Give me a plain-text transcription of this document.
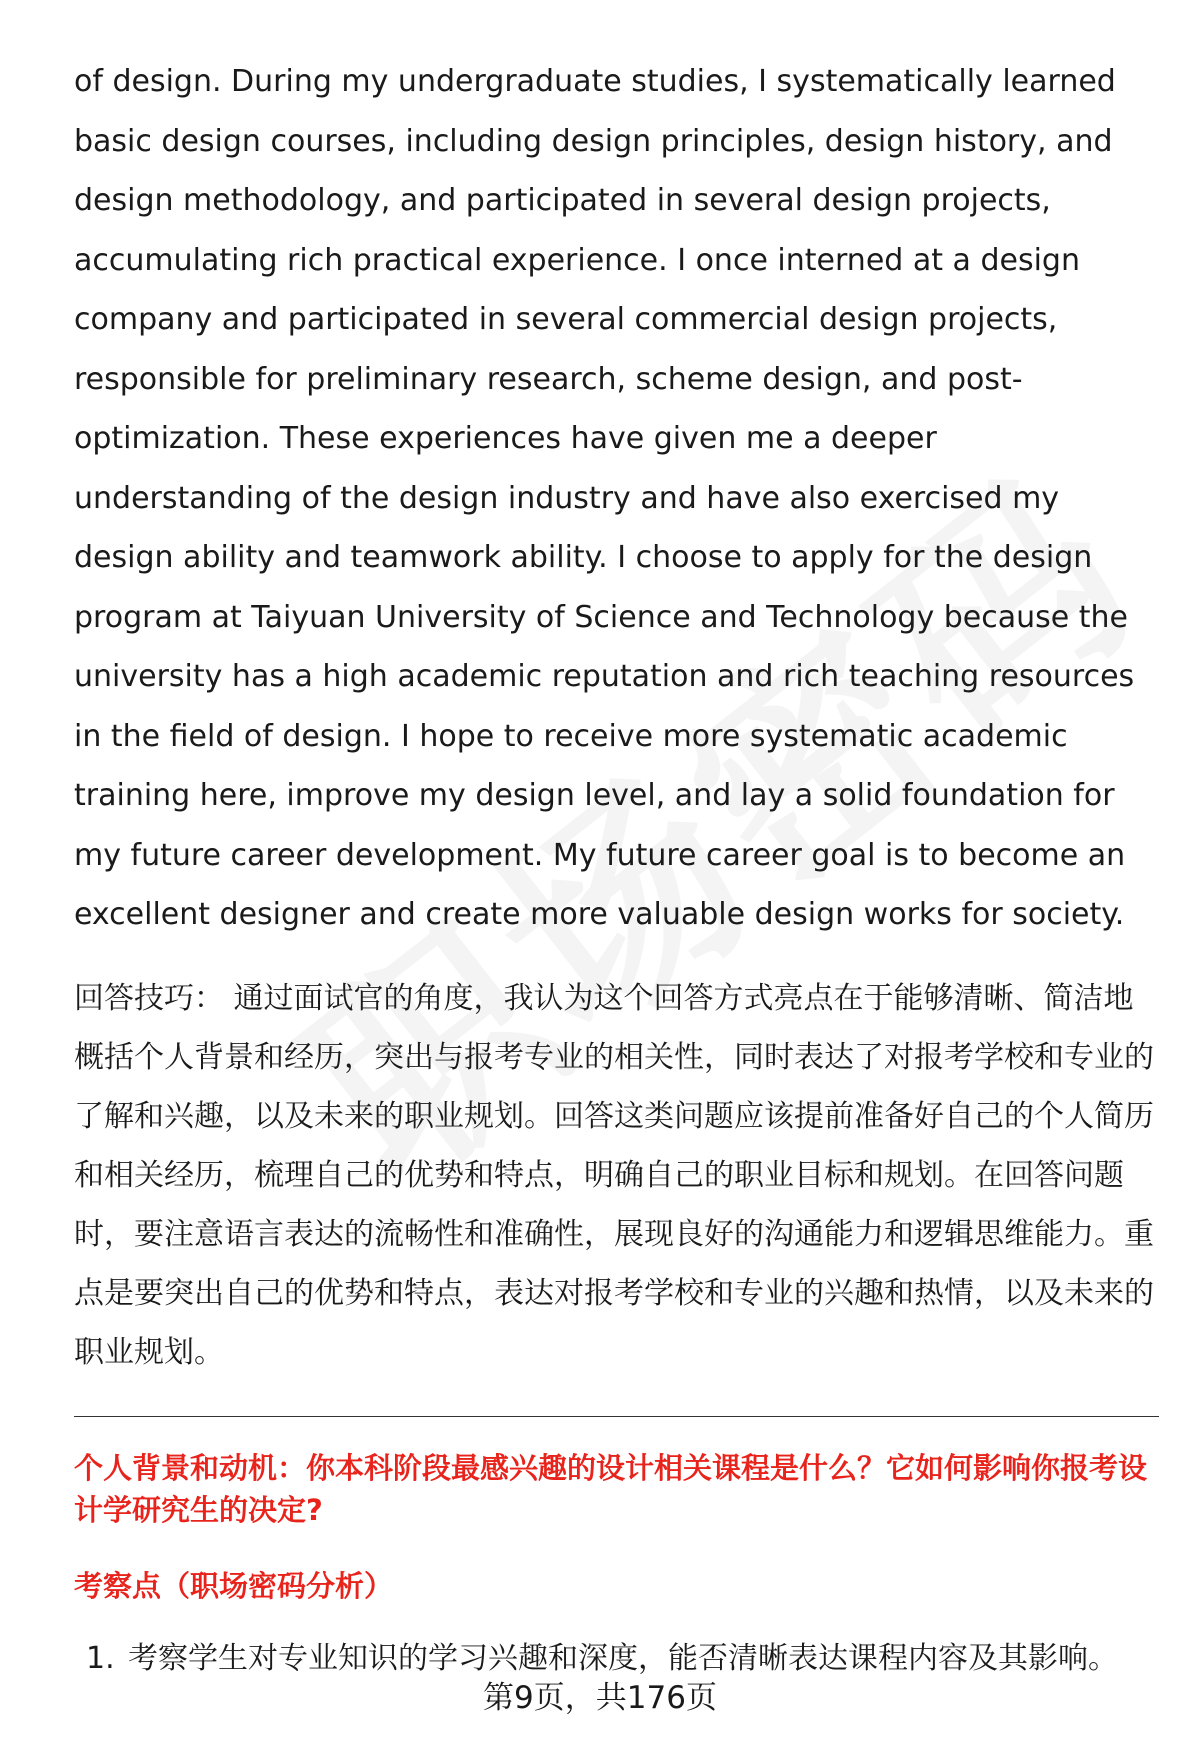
of design. During my undergraduate studies, I systematically learned basic design courses, including design principles, design history, and design methodology, and participated in several design projects, accumulating rich practical experience. I once interned at a design company and participated in several commercial design projects, responsible for preliminary research, scheme design, and post-optimization. These experiences have given me a deeper understanding of the design industry and have also exercised my design ability and teamwork ability. I choose to apply for the design program at Taiyuan University of Science and Technology because the university has a high academic reputation and rich teaching resources in the field of design. I hope to receive more systematic academic training here, improve my design level, and lay a solid foundation for my future career development. My future career goal is to become an excellent designer and create more valuable design works for society.

回答技巧： 通过面试官的角度，我认为这个回答方式亮点在于能够清晰、简洁地概括个人背景和经历，突出与报考专业的相关性，同时表达了对报考学校和专业的了解和兴趣，以及未来的职业规划。回答这类问题应该提前准备好自己的个人简历和相关经历，梳理自己的优势和特点，明确自己的职业目标和规划。在回答问题时，要注意语言表达的流畅性和准确性，展现良好的沟通能力和逻辑思维能力。重点是要突出自己的优势和特点，表达对报考学校和专业的兴趣和热情，以及未来的职业规划。

个人背景和动机：你本科阶段最感兴趣的设计相关课程是什么？它如何影响你报考设计学研究生的决定?
考察点（职场密码分析）
1. 考察学生对专业知识的学习兴趣和深度，能否清晰表达课程内容及其影响。
第9页，共176页
